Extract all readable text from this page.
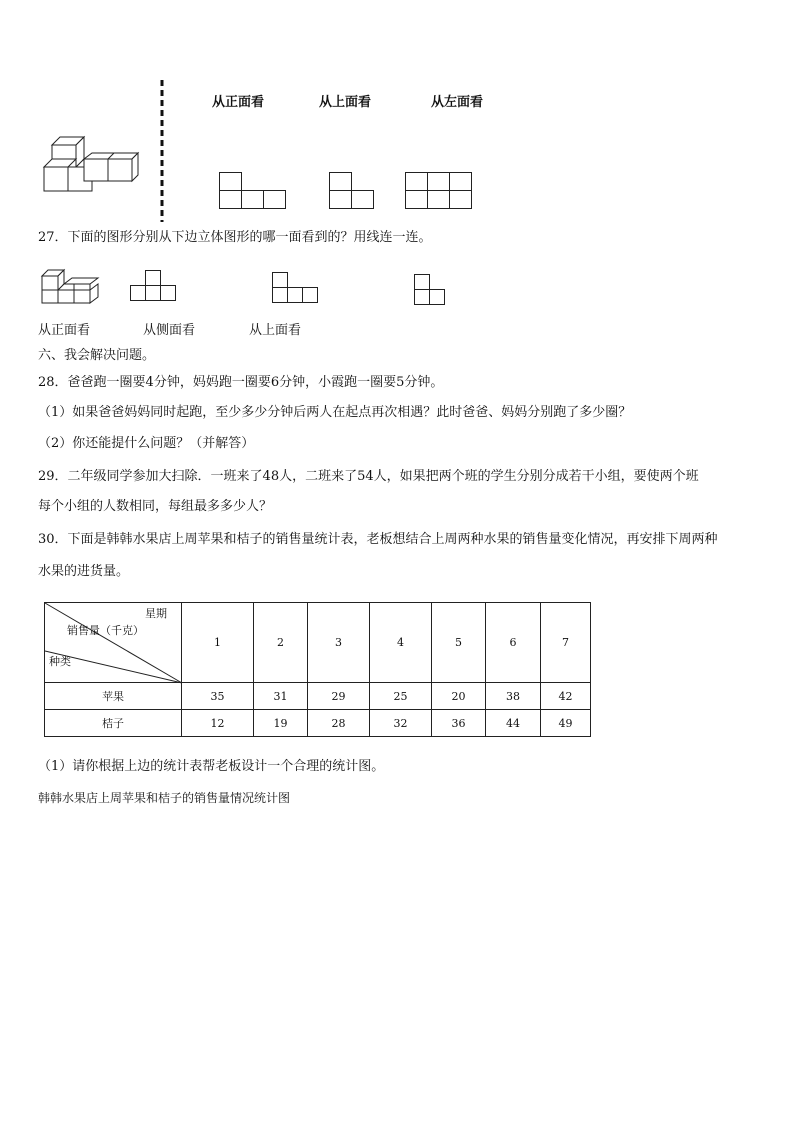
从正面看	从上面看	从左面看
27．下面的图形分别从下边立体图形的哪一面看到的？用线连一连。
从正面看	从侧面看	从上面看
六、我会解决问题。
28．爸爸跑一圈要4分钟，妈妈跑一圈要6分钟，小霞跑一圈要5分钟。
（1）如果爸爸妈妈同时起跑，至少多少分钟后两人在起点再次相遇？此时爸爸、妈妈分别跑了多少圈？
（2）你还能提什么问题？（并解答）
29．二年级同学参加大扫除．一班来了48人，二班来了54人，如果把两个班的学生分别分成若干小组，要使两个班
每个小组的人数相同，每组最多多少人？
30．下面是韩韩水果店上周苹果和桔子的销售量统计表，老板想结合上周两种水果的销售量变化情况，再安排下周两种
水果的进货量。
星期
销售量（千克）
种类	1	2	3	4	5	6	7
苹果	35	31	29	25	20	38	42
桔子	12	19	28	32	36	44	49
（1）请你根据上边的统计表帮老板设计一个合理的统计图。
韩韩水果店上周苹果和桔子的销售量情况统计图
